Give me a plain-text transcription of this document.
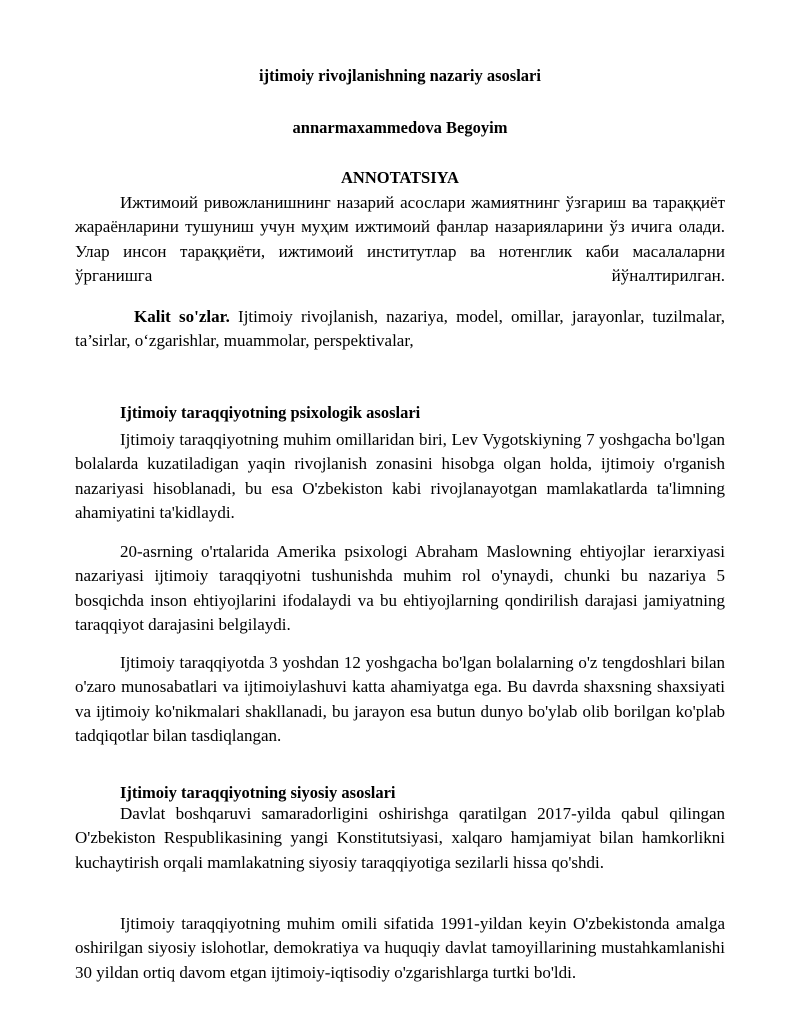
ijtimoiy rivojlanishning nazariy asoslari
annarmaxammedova Begoyim
ANNOTATSIYA

Ижтимоий ривожланишнинг назарий асослари жамиятнинг ўзгариш ва тараққиёт жараёнларини тушуниш учун муҳим ижтимоий фанлар назарияларини ўз ичига олади. Улар инсон тараққиёти, ижтимоий институтлар ва нотенглик каби масалаларни ўрганишга йўналтирилган.

Kalit so'zlar. Ijtimoiy rivojlanish, nazariya, model, omillar, jarayonlar, tuzilmalar, ta’sirlar, o‘zgarishlar, muammolar, perspektivalar,

Ijtimoiy taraqqiyotning psixologik asoslari

Ijtimoiy taraqqiyotning muhim omillaridan biri, Lev Vygotskiyning 7 yoshgacha bo'lgan bolalarda kuzatiladigan yaqin rivojlanish zonasini hisobga olgan holda, ijtimoiy o'rganish nazariyasi hisoblanadi, bu esa O'zbekiston kabi rivojlanayotgan mamlakatlarda ta'limning ahamiyatini ta'kidlaydi.

20-asrning o'rtalarida Amerika psixologi Abraham Maslowning ehtiyojlar ierarxiyasi nazariyasi ijtimoiy taraqqiyotni tushunishda muhim rol o'ynaydi, chunki bu nazariya 5 bosqichda inson ehtiyojlarini ifodalaydi va bu ehtiyojlarning qondirilish darajasi jamiyatning taraqqiyot darajasini belgilaydi.

Ijtimoiy taraqqiyotda 3 yoshdan 12 yoshgacha bo'lgan bolalarning o'z tengdoshlari bilan o'zaro munosabatlari va ijtimoiylashuvi katta ahamiyatga ega. Bu davrda shaxsning shaxsiyati va ijtimoiy ko'nikmalari shakllanadi, bu jarayon esa butun dunyo bo'ylab olib borilgan ko'plab tadqiqotlar bilan tasdiqlangan.

Ijtimoiy taraqqiyotning siyosiy asoslari

Davlat boshqaruvi samaradorligini oshirishga qaratilgan 2017-yilda qabul qilingan O'zbekiston Respublikasining yangi Konstitutsiyasi, xalqaro hamjamiyat bilan hamkorlikni kuchaytirish orqali mamlakatning siyosiy taraqqiyotiga sezilarli hissa qo'shdi.

Ijtimoiy taraqqiyotning muhim omili sifatida 1991-yildan keyin O'zbekistonda amalga oshirilgan siyosiy islohotlar, demokratiya va huquqiy davlat tamoyillarining mustahkamlanishi 30 yildan ortiq davom etgan ijtimoiy-iqtisodiy o'zgarishlarga turtki bo'ldi.
